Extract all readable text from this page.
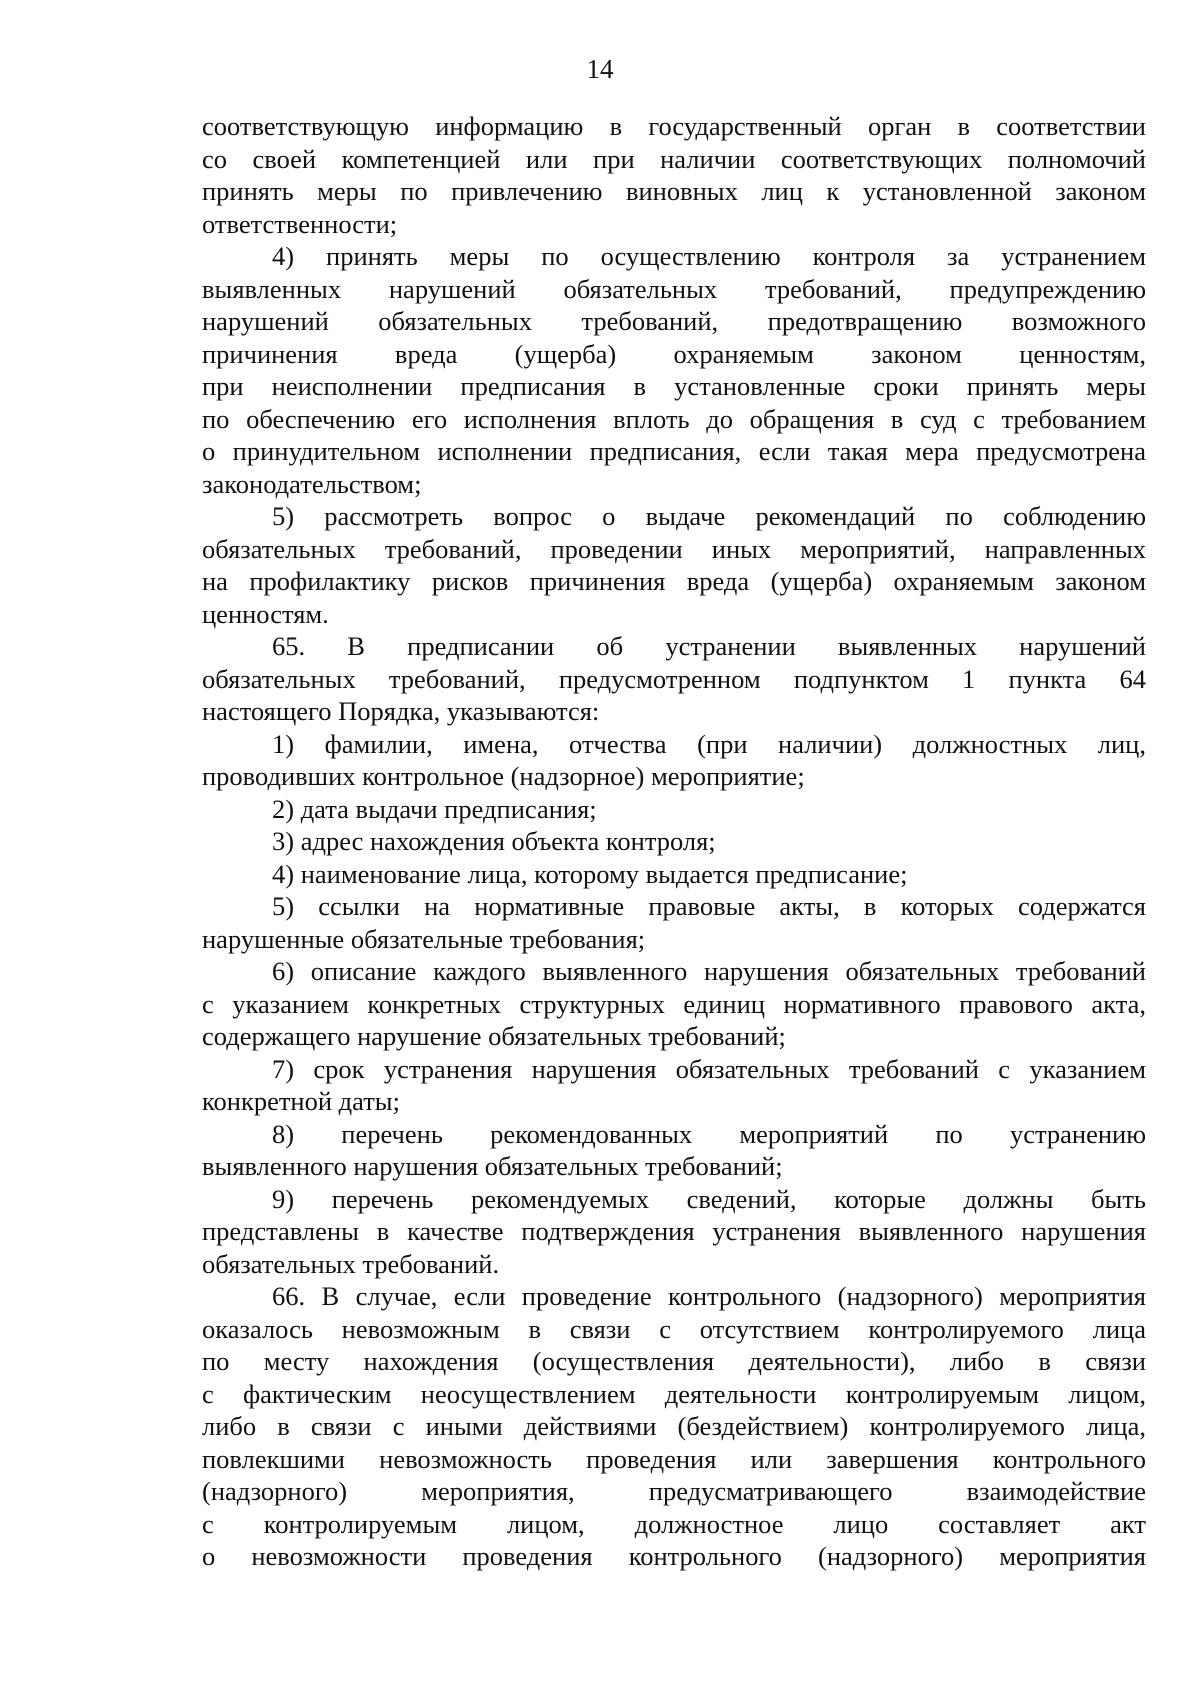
14
соответствующую информацию в государственный орган в соответствии
со своей компетенцией или при наличии соответствующих полномочий
принять меры по привлечению виновных лиц к установленной законом
ответственности;
4) принять меры по осуществлению контроля за устранением
выявленных нарушений обязательных требований, предупреждению
нарушений обязательных требований, предотвращению возможного
причинения вреда (ущерба) охраняемым законом ценностям,
при неисполнении предписания в установленные сроки принять меры
по обеспечению его исполнения вплоть до обращения в суд с требованием
о принудительном исполнении предписания, если такая мера предусмотрена
законодательством;
5) рассмотреть вопрос о выдаче рекомендаций по соблюдению
обязательных требований, проведении иных мероприятий, направленных
на профилактику рисков причинения вреда (ущерба) охраняемым законом
ценностям.
65. В предписании об устранении выявленных нарушений
обязательных требований, предусмотренном подпунктом 1 пункта 64
настоящего Порядка, указываются:
1) фамилии, имена, отчества (при наличии) должностных лиц,
проводивших контрольное (надзорное) мероприятие;
2) дата выдачи предписания;
3) адрес нахождения объекта контроля;
4) наименование лица, которому выдается предписание;
5) ссылки на нормативные правовые акты, в которых содержатся
нарушенные обязательные требования;
6) описание каждого выявленного нарушения обязательных требований
с указанием конкретных структурных единиц нормативного правового акта,
содержащего нарушение обязательных требований;
7) срок устранения нарушения обязательных требований с указанием
конкретной даты;
8) перечень рекомендованных мероприятий по устранению
выявленного нарушения обязательных требований;
9) перечень рекомендуемых сведений, которые должны быть
представлены в качестве подтверждения устранения выявленного нарушения
обязательных требований.
66. В случае, если проведение контрольного (надзорного) мероприятия
оказалось невозможным в связи с отсутствием контролируемого лица
по месту нахождения (осуществления деятельности), либо в связи
с фактическим неосуществлением деятельности контролируемым лицом,
либо в связи с иными действиями (бездействием) контролируемого лица,
повлекшими невозможность проведения или завершения контрольного
(надзорного) мероприятия, предусматривающего взаимодействие
с контролируемым лицом, должностное лицо составляет акт
о невозможности проведения контрольного (надзорного) мероприятия
